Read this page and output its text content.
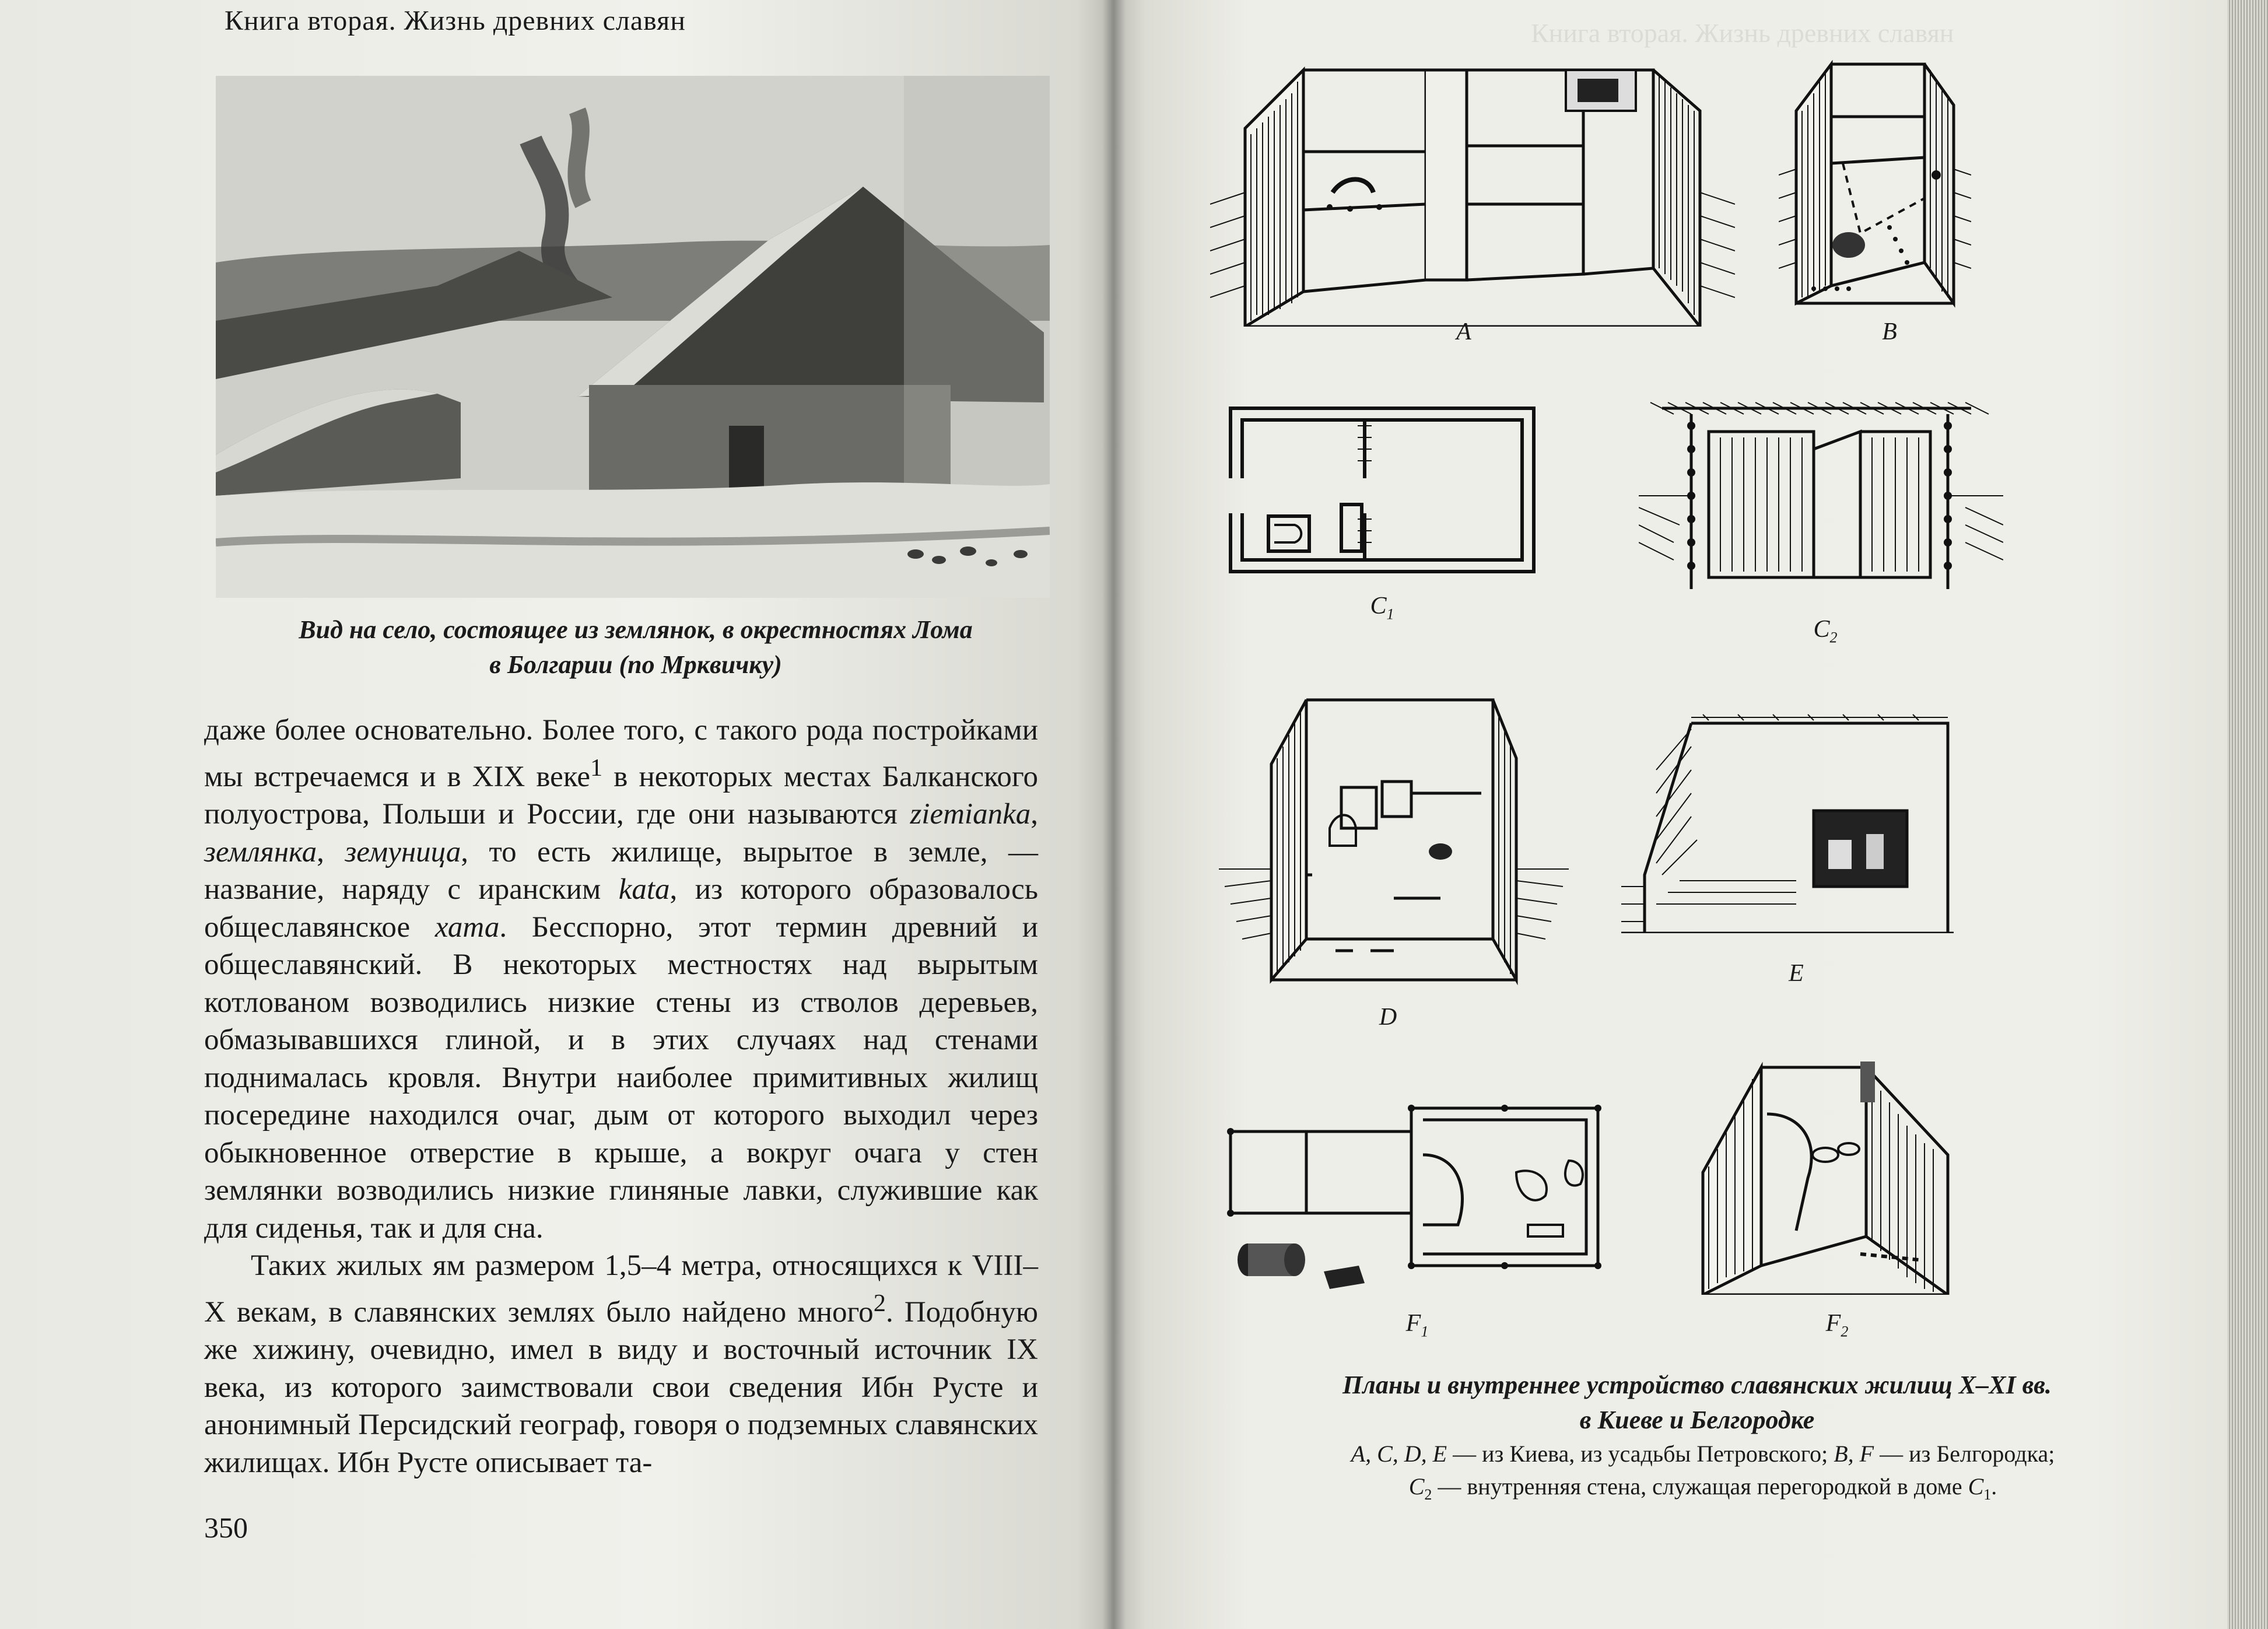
Книга вторая. Жизнь древних славян
Вид на село, состоящее из землянок, в окрестностях Лома
в Болгарии (по Мрквичку)

даже более основательно. Более того, с такого рода постройками мы встречаемся и в XIX веке$^1$ в некоторых местах Балканского полуострова, Польши и России, где они называются ziemianka, землянка, земуница, то есть жилище, вырытое в земле, — название, наряду с иранским kata, из которого образовалось общеславянское хата. Бесспорно, этот термин древний и общеславянский. В некоторых местностях над вырытым котлованом возводились низкие стены из стволов деревьев, обмазывавшихся глиной, и в этих случаях над стенами поднималась кровля. Внутри наиболее примитивных жилищ посередине находился очаг, дым от которого выходил через обыкновенное отверстие в крыше, а вокруг очага у стен землянки возводились низкие глиняные лавки, служившие как для сиденья, так и для сна.

Таких жилых ям размером 1,5–4 метра, относящихся к VIII–X векам, в славянских землях было найдено много$^2$. Подобную же хижину, очевидно, имел в виду и восточный источник IX века, из которого заимствовали свои сведения Ибн Русте и анонимный Персидский географ, говоря о подземных славянских жилищах. Ибн Русте описывает та-

350
Книга вторая. Жизнь древних славян
A	B
$C_1$
$C_2$
D
E
$F_1$	$F_2$
Планы и внутреннее устройство славянских жилищ X–XI вв.
в Киеве и Белгородке
A, C, D, E — из Киева, из усадьбы Петровского; B, F — из Белгородка;
$C_2$ — внутренняя стена, служащая перегородкой в доме $C_1$.
